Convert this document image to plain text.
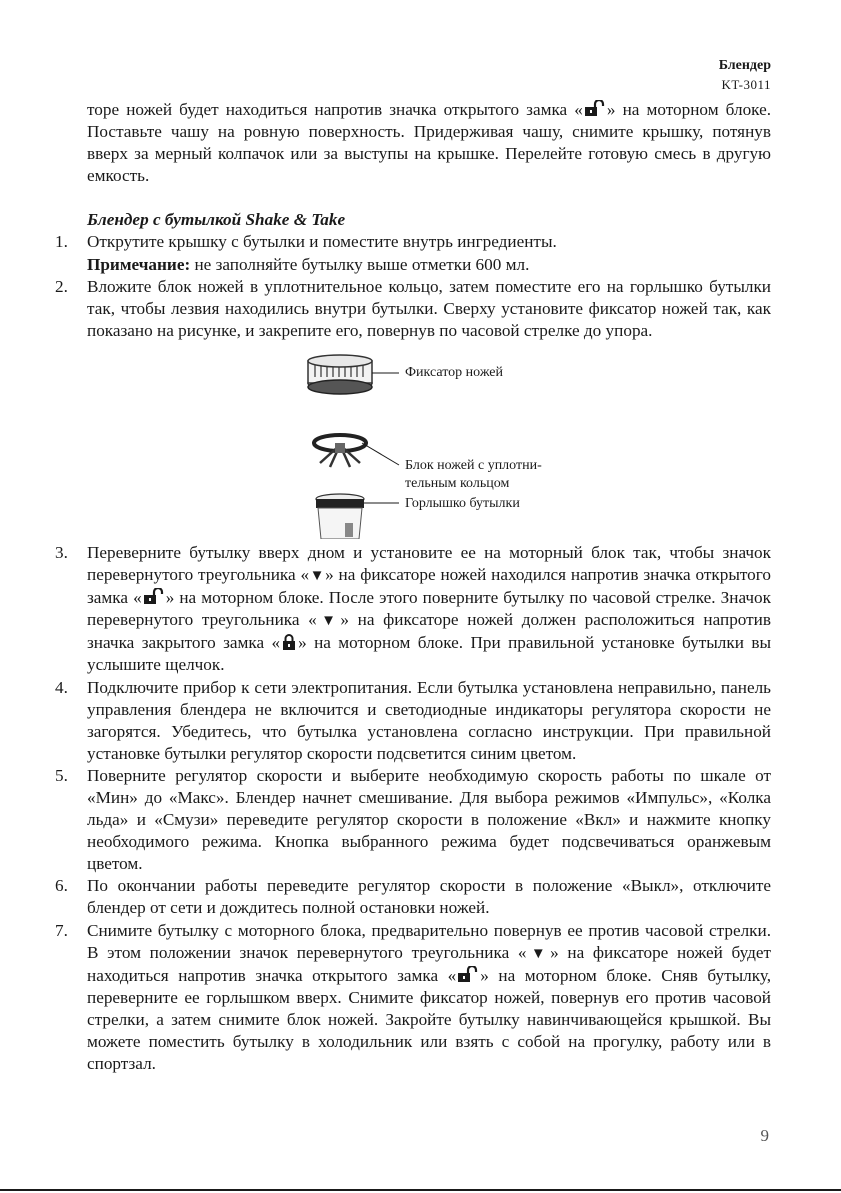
Блендер
KT-3011

торе ножей будет находиться напротив значка открытого замка « » на моторном блоке. Поставьте чашу на ровную поверхность. Придерживая чашу, снимите крышку, потянув вверх за мерный колпачок или за выступы на крышке. Перелейте готовую смесь в другую емкость.

Блендер с бутылкой Shake & Take

1.	Открутите крышку с бутылки и поместите внутрь ингредиенты.

Примечание: не заполняйте бутылку выше отметки 600 мл.

2.	Вложите блок ножей в уплотнительное кольцо, затем поместите его на горлышко бутылки так, чтобы лезвия находились внутри бутылки. Сверху установите фиксатор ножей так, как показано на рисунке, и закрепите его, повернув по часовой стрелке до упора.

Фиксатор ножей
Блок ножей с уплотни-
тельным кольцом
Горлышко бутылки
3.	Переверните бутылку вверх дном и установите ее на моторный блок так, чтобы значок перевернутого треугольника «▼» на фиксаторе ножей находился напротив значка открытого замка « » на моторном блоке. После этого поверните бутылку по часовой стрелке. Значок перевернутого треугольника «▼» на фиксаторе ножей должен расположиться напротив значка закрытого замка « » на моторном блоке. При правильной установке бутылки вы услышите щелчок.

4.	Подключите прибор к сети электропитания. Если бутылка установлена неправильно, панель управления блендера не включится и светодиодные индикаторы регулятора скорости не загорятся. Убедитесь, что бутылка установлена согласно инструкции. При правильной установке бутылки регулятор скорости подсветится синим цветом.

5.	Поверните регулятор скорости и выберите необходимую скорость работы по шкале от «Мин» до «Макс». Блендер начнет смешивание. Для выбора режимов «Импульс», «Колка льда» и «Смузи» переведите регулятор скорости в положение «Вкл» и нажмите кнопку необходимого режима. Кнопка выбранного режима будет подсвечиваться оранжевым цветом.

6.	По окончании работы переведите регулятор скорости в положение «Выкл», отключите блендер от сети и дождитесь полной остановки ножей.

7.	Снимите бутылку с моторного блока, предварительно повернув ее против часовой стрелки. В этом положении значок перевернутого треугольника «▼» на фиксаторе ножей будет находиться напротив значка открытого замка « » на моторном блоке. Сняв бутылку, переверните ее горлышком вверх. Снимите фиксатор ножей, повернув его против часовой стрелки, а затем снимите блок ножей. Закройте бутылку навинчивающейся крышкой. Вы можете поместить бутылку в холодильник или взять с собой на прогулку, работу или в спортзал.

9
